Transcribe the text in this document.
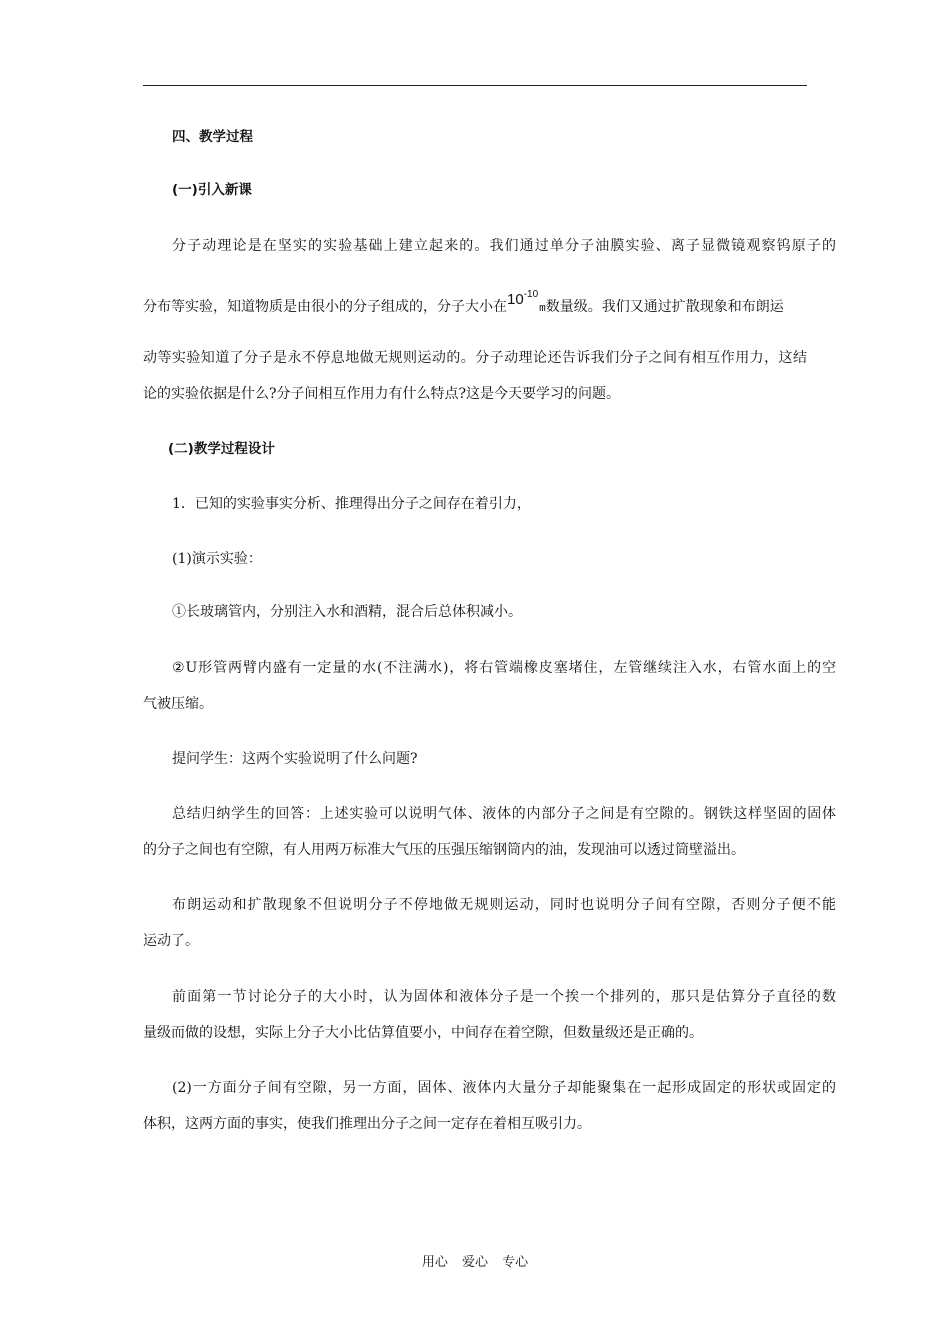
四、教学过程
(一)引入新课
分子动理论是在坚实的实验基础上建立起来的。我们通过单分子油膜实验、离子显微镜观察钨原子的
分布等实验，知道物质是由很小的分子组成的，分子大小在$10^{-10}m$数量级。我们又通过扩散现象和布朗运
动等实验知道了分子是永不停息地做无规则运动的。分子动理论还告诉我们分子之间有相互作用力，这结
论的实验依据是什么?分子间相互作用力有什么特点?这是今天要学习的问题。
(二)教学过程设计
1．已知的实验事实分析、推理得出分子之间存在着引力，
(1)演示实验：
①长玻璃管内，分别注入水和酒精，混合后总体积减小。
②U形管两臂内盛有一定量的水(不注满水)，将右管端橡皮塞堵住，左管继续注入水，右管水面上的空
气被压缩。
提问学生：这两个实验说明了什么问题?
总结归纳学生的回答：上述实验可以说明气体、液体的内部分子之间是有空隙的。钢铁这样坚固的固体
的分子之间也有空隙，有人用两万标准大气压的压强压缩钢筒内的油，发现油可以透过筒壁溢出。
布朗运动和扩散现象不但说明分子不停地做无规则运动，同时也说明分子间有空隙，否则分子便不能
运动了。
前面第一节讨论分子的大小时，认为固体和液体分子是一个挨一个排列的，那只是估算分子直径的数
量级而做的设想，实际上分子大小比估算值要小，中间存在着空隙，但数量级还是正确的。
(2)一方面分子间有空隙，另一方面，固体、液体内大量分子却能聚集在一起形成固定的形状或固定的
体积，这两方面的事实，使我们推理出分子之间一定存在着相互吸引力。
用心 爱心 专心
